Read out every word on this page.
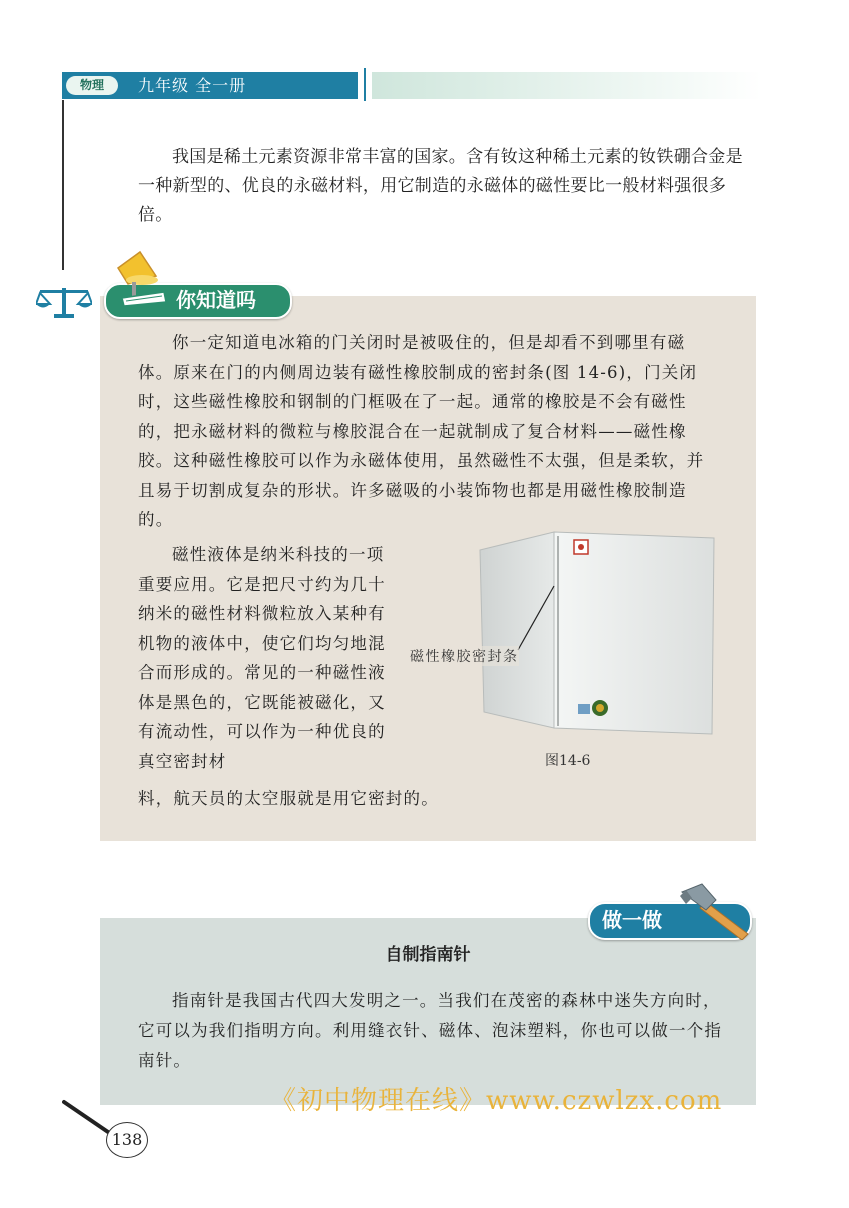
物理	九年级 全一册
我国是稀土元素资源非常丰富的国家。含有钕这种稀土元素的钕铁硼合金是一种新型的、优良的永磁材料，用它制造的永磁体的磁性要比一般材料强很多倍。
你知道吗
你一定知道电冰箱的门关闭时是被吸住的，但是却看不到哪里有磁体。原来在门的内侧周边装有磁性橡胶制成的密封条(图 14-6)，门关闭时，这些磁性橡胶和钢制的门框吸在了一起。通常的橡胶是不会有磁性的，把永磁材料的微粒与橡胶混合在一起就制成了复合材料——磁性橡胶。这种磁性橡胶可以作为永磁体使用，虽然磁性不太强，但是柔软，并且易于切割成复杂的形状。许多磁吸的小装饰物也都是用磁性橡胶制造的。
磁性液体是纳米科技的一项重要应用。它是把尺寸约为几十纳米的磁性材料微粒放入某种有机物的液体中，使它们均匀地混合而形成的。常见的一种磁性液体是黑色的，它既能被磁化，又有流动性，可以作为一种优良的真空密封材
料，航天员的太空服就是用它密封的。
磁性橡胶密封条
图14-6
做一做
自制指南针
指南针是我国古代四大发明之一。当我们在茂密的森林中迷失方向时，它可以为我们指明方向。利用缝衣针、磁体、泡沫塑料，你也可以做一个指南针。
《初中物理在线》www.czwlzx.com
138
